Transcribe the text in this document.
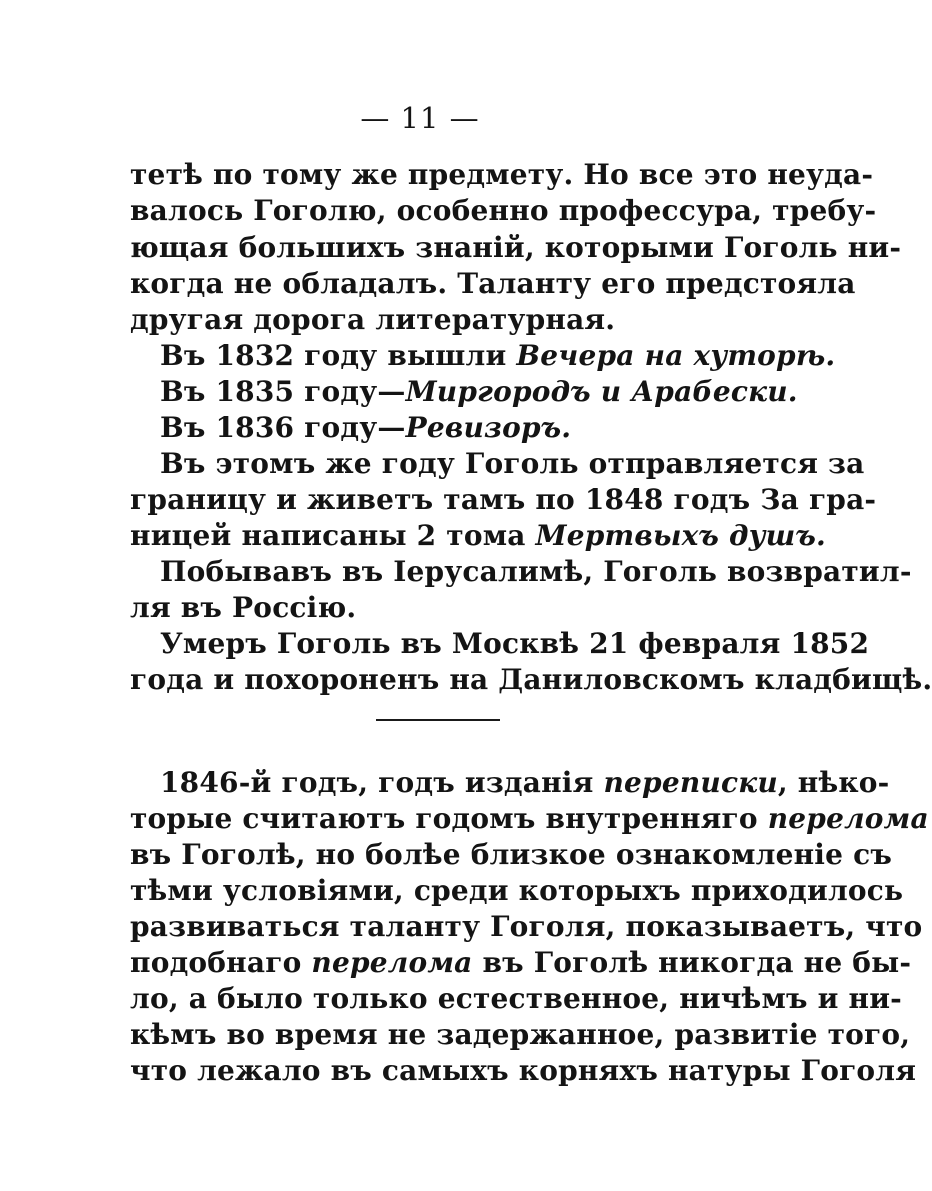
— 11 —
тетѣ по тому же предмету. Но все это неуда-
валось Гоголю, особенно профессура, требу-
ющая большихъ знанiй, которыми Гоголь ни-
когда не обладалъ. Таланту его предстояла
другая дорога литературная.
Въ 1832 году вышли Вечера на хуторѣ.
Въ 1835 году—Миргородъ и Арабески.
Въ 1836 году—Ревизоръ.
Въ этомъ же году Гоголь отправляется за
границу и живетъ тамъ по 1848 годъ За гра-
ницей написаны 2 тома Мертвыхъ душъ.
Побывавъ въ Iерусалимѣ, Гоголь возвратил-
ля въ Россiю.
Умеръ Гоголь въ Москвѣ 21 февраля 1852
года и похороненъ на Даниловскомъ кладбищѣ.
1846-й годъ, годъ изданiя переписки, нѣко-
торые считаютъ годомъ внутренняго перелома
въ Гоголѣ, но болѣе близкое ознакомленiе съ
тѣми условiями, среди которыхъ приходилось
развиваться таланту Гоголя, показываетъ, что
подобнаго перелома въ Гоголѣ никогда не бы-
ло, а было только естественное, ничѣмъ и ни-
кѣмъ во время не задержанное, развитiе того,
что лежало въ самыхъ корняхъ натуры Гоголя
